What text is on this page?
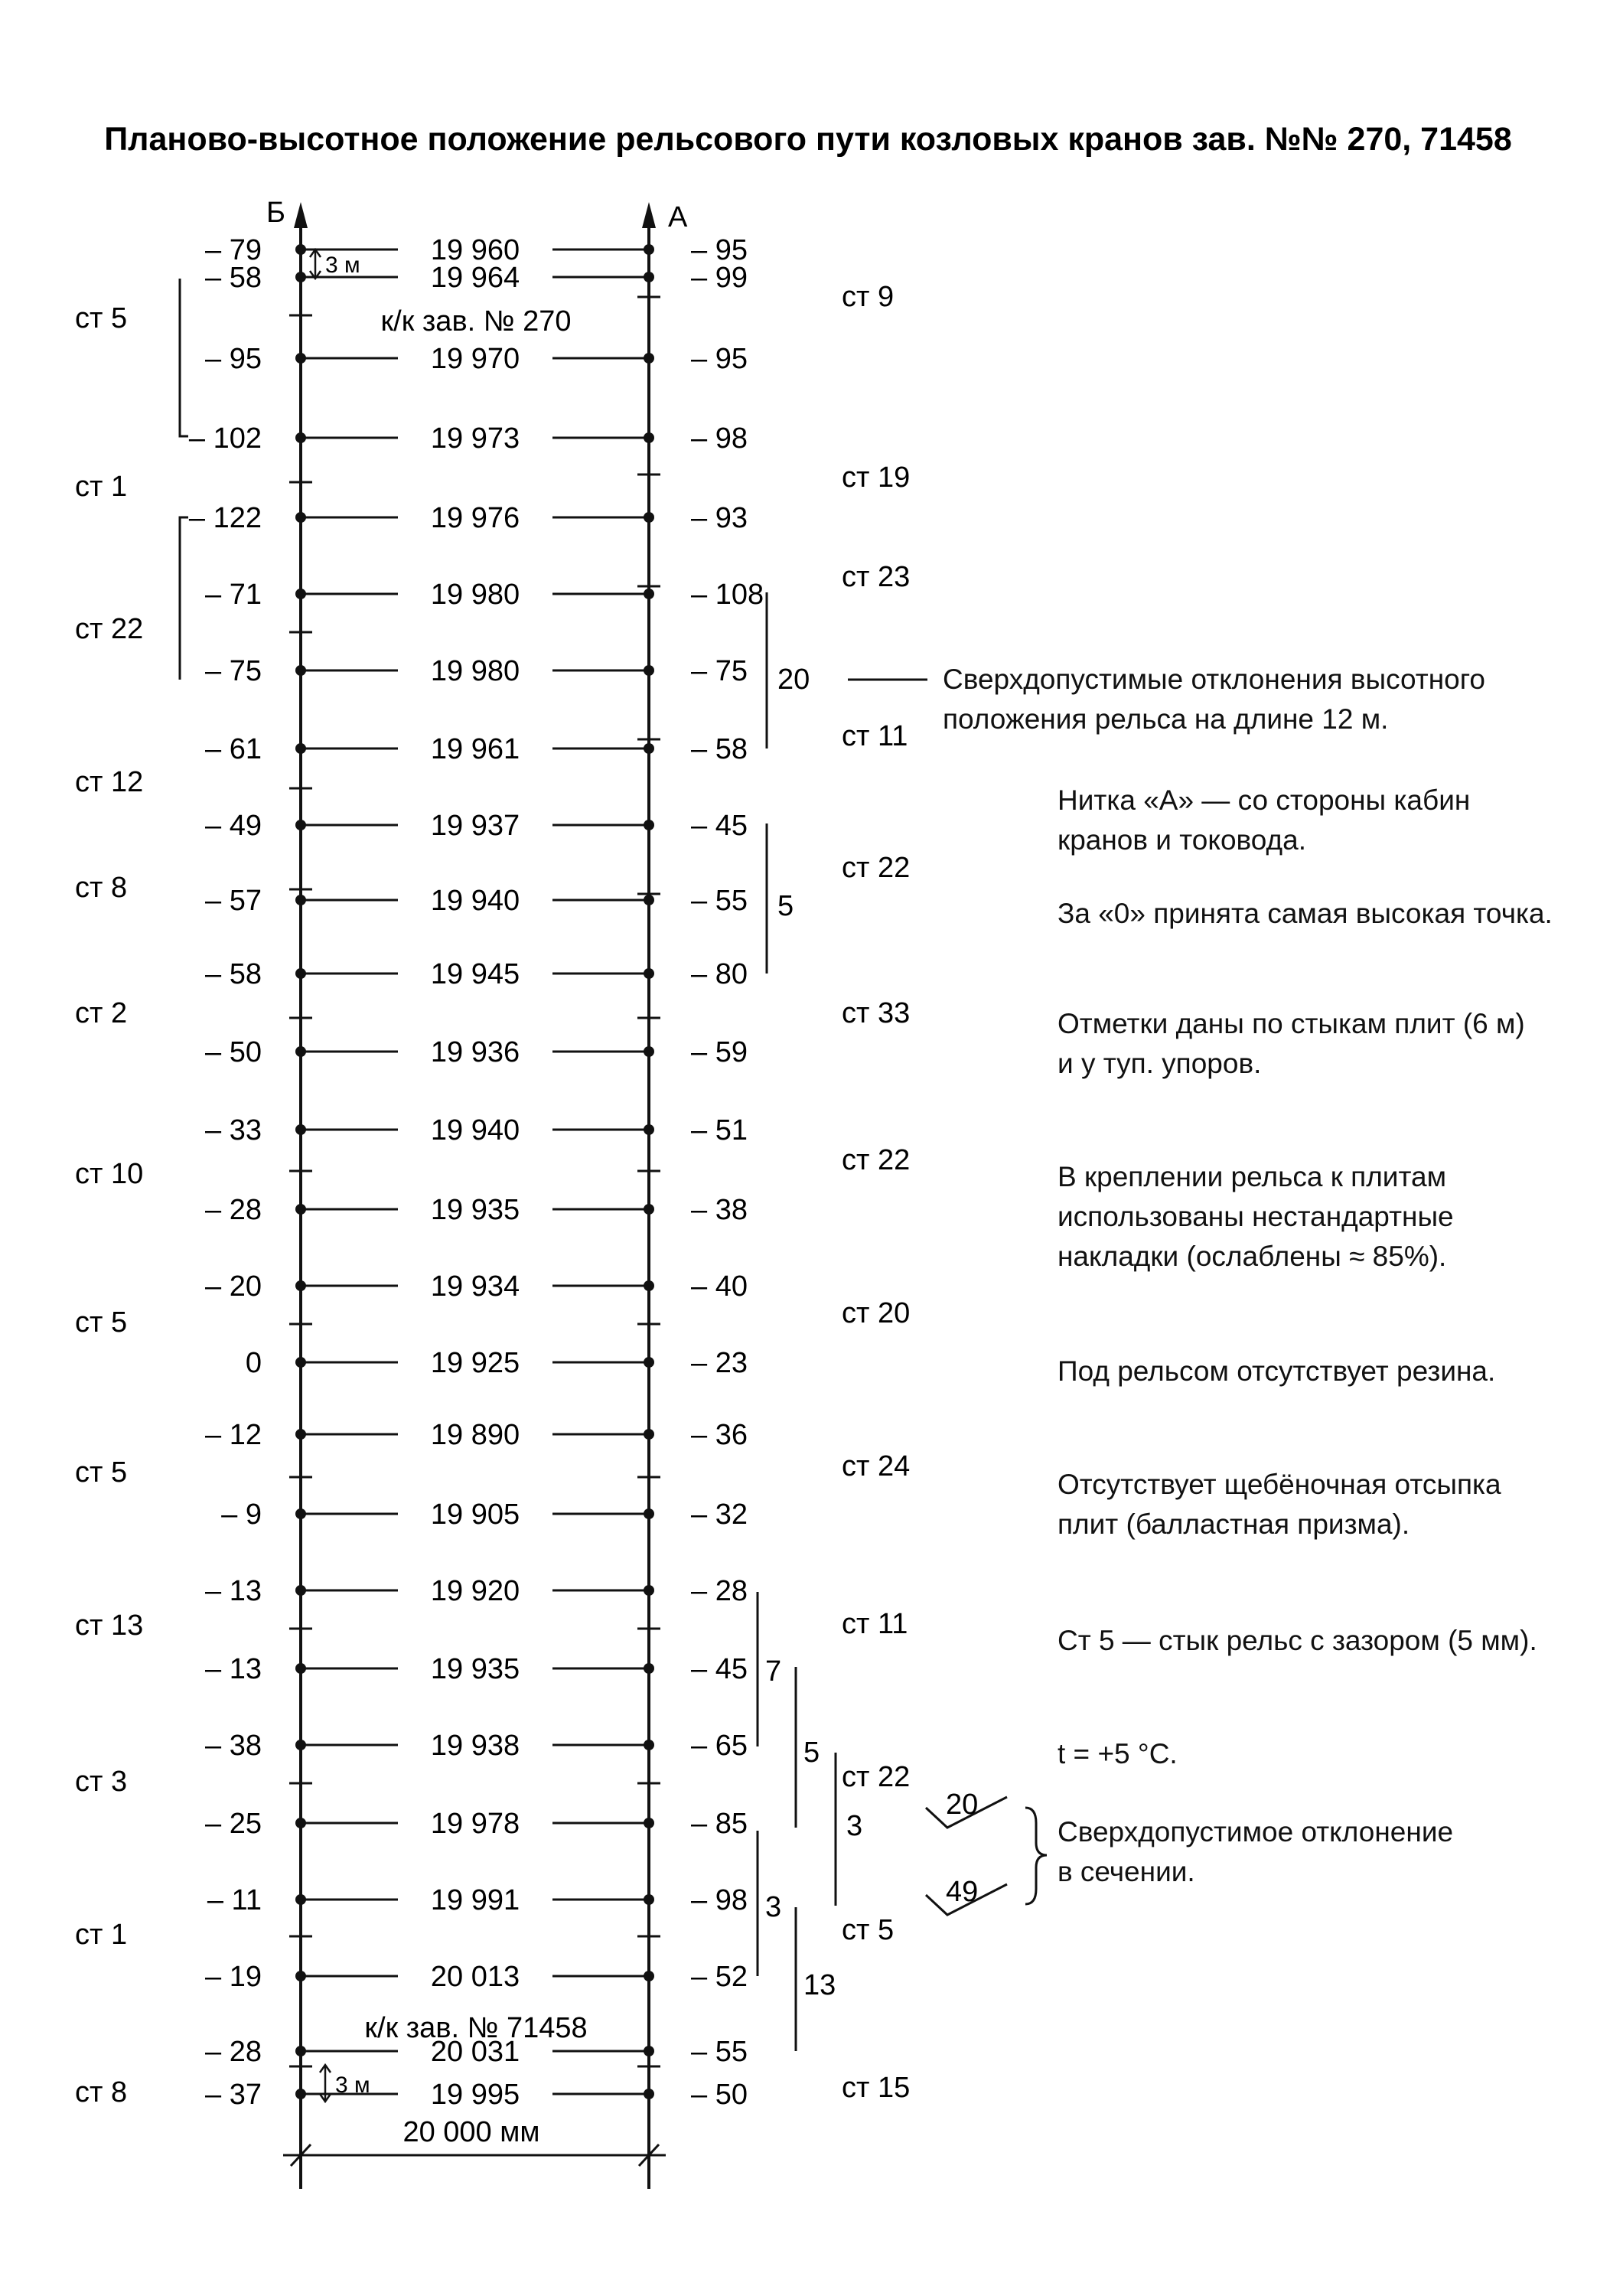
Планово-высотное положение рельсового пути козловых кранов зав. №№ 270, 71458
Б	А
– 79	19 960	– 95
– 58	19 964	– 99
– 95	19 970	– 95
– 102	19 973	– 98
– 122	19 976	– 93
– 71	19 980	– 108
– 75	19 980	– 75
– 61	19 961	– 58
– 49	19 937	– 45
– 57	19 940	– 55
– 58	19 945	– 80
– 50	19 936	– 59
– 33	19 940	– 51
– 28	19 935	– 38
– 20	19 934	– 40
0	19 925	– 23
– 12	19 890	– 36
– 9	19 905	– 32
– 13	19 920	– 28
– 13	19 935	– 45
– 38	19 938	– 65
– 25	19 978	– 85
– 11	19 991	– 98
– 19	20 013	– 52
– 28	20 031	– 55
– 37	19 995	– 50
ст 5
ст 1
ст 22
ст 12
ст 8
ст 2
ст 10
ст 5
ст 5
ст 13
ст 3
ст 1
ст 8
ст 9
ст 19
ст 23
ст 11
ст 22
ст 33
ст 22
ст 20
ст 24
ст 11
ст 22
ст 5
ст 15
к/к зав. № 270
к/к зав. № 71458
3 м
3 м
20 000 мм
20
5
7
5
3
3
13
20
49
Сверхдопустимые отклонения высотного
положения рельса на длине 12 м.
Нитка «А» — со стороны кабин
кранов и токовода.
За «0» принята самая высокая точка.
Отметки даны по стыкам плит (6 м)
и у туп. упоров.
В креплении рельса к плитам
использованы нестандартные
накладки (ослаблены ≈ 85%).
Под рельсом отсутствует резина.
Отсутствует щебёночная отсыпка
плит (балластная призма).
Ст 5 — стык рельс с зазором (5 мм).
t = +5 °С.
Сверхдопустимое отклонение
в сечении.
